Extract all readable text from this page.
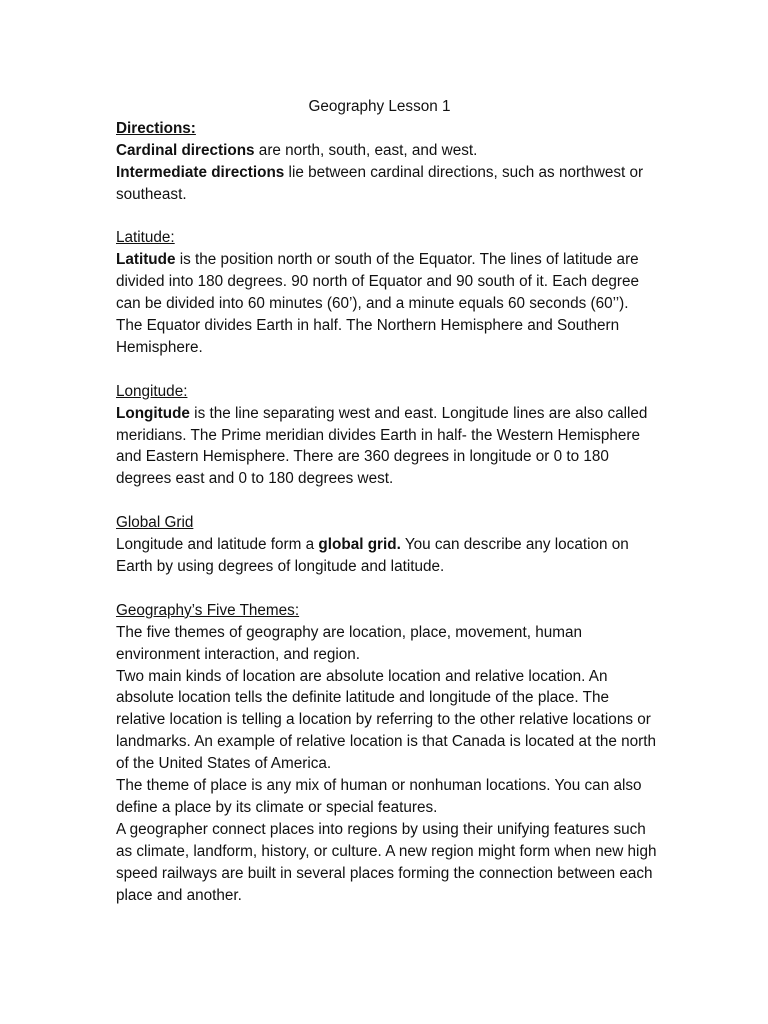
Geography Lesson 1

Directions:

Cardinal directions are north, south, east, and west.

Intermediate directions lie between cardinal directions, such as northwest or southeast.

Latitude:

Latitude is the position north or south of the Equator. The lines of latitude are divided into 180 degrees. 90 north of Equator and 90 south of it. Each degree can be divided into 60 minutes (60’), and a minute equals 60 seconds (60’’).

The Equator divides Earth in half. The Northern Hemisphere and Southern Hemisphere.

Longitude:

Longitude is the line separating west and east. Longitude lines are also called meridians. The Prime meridian divides Earth in half- the Western Hemisphere and Eastern Hemisphere. There are 360 degrees in longitude or 0 to 180 degrees east and 0 to 180 degrees west.

Global Grid

Longitude and latitude form a global grid. You can describe any location on Earth by using degrees of longitude and latitude.

Geography’s Five Themes:

The five themes of geography are location, place, movement, human environment interaction, and region.

Two main kinds of location are absolute location and relative location. An absolute location tells the definite latitude and longitude of the place. The relative location is telling a location by referring to the other relative locations or landmarks. An example of relative location is that Canada is located at the north of the United States of America.

The theme of place is any mix of human or nonhuman locations. You can also define a place by its climate or special features.

A geographer connect places into regions by using their unifying features such as climate, landform, history, or culture. A new region might form when new high speed railways are built in several places forming the connection between each place and another.
